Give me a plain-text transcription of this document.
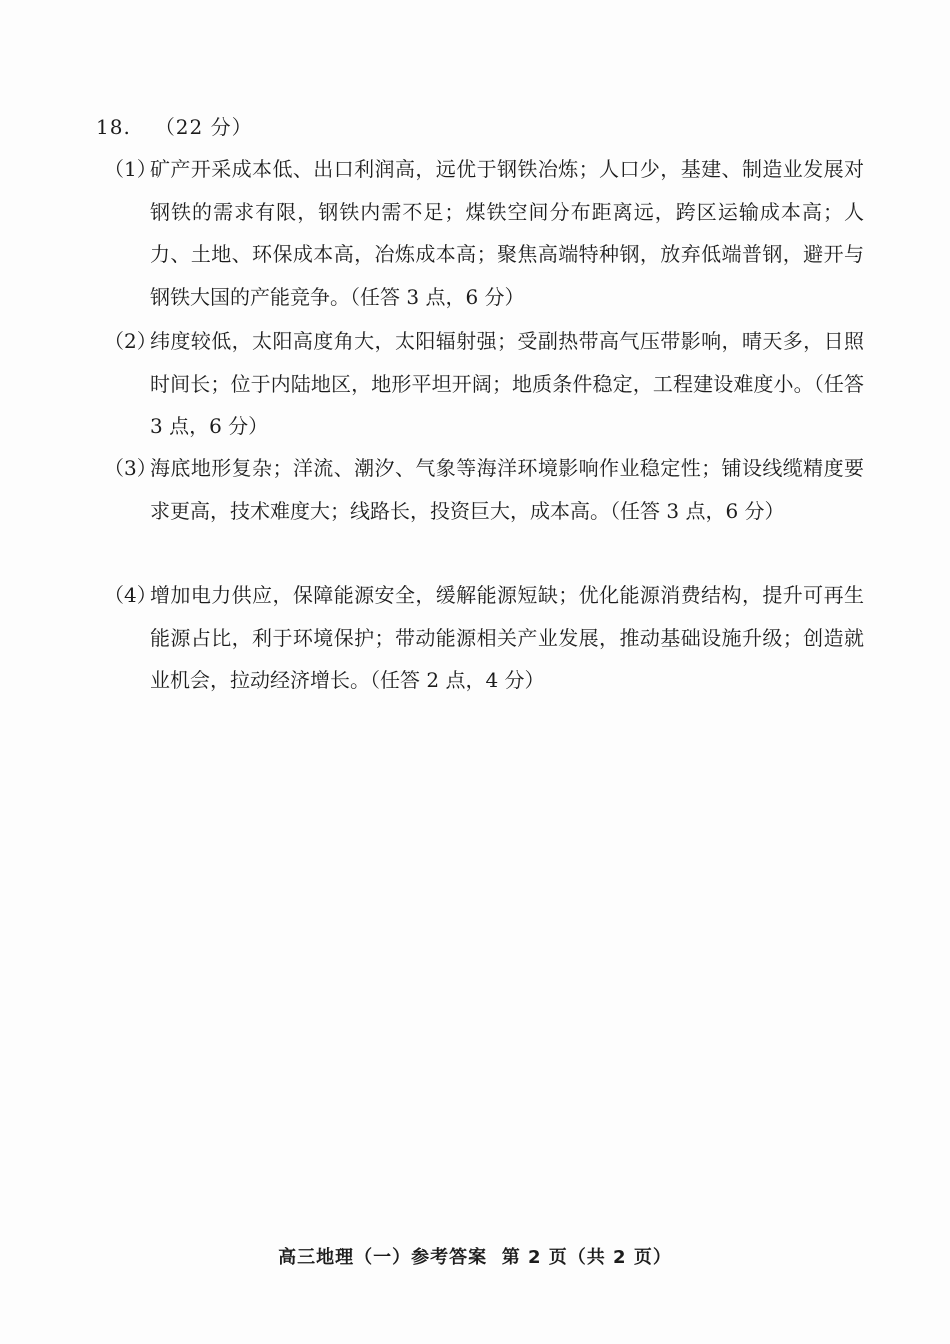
18. （22 分）
（1）
矿产开采成本低、出口利润高，远优于钢铁冶炼；人口少，基建、制造业发展对钢铁的需求有限，钢铁内需不足；煤铁空间分布距离远，跨区运输成本高；人力、土地、环保成本高，冶炼成本高；聚焦高端特种钢，放弃低端普钢，避开与钢铁大国的产能竞争。（任答 3 点，6 分）
（2）
纬度较低，太阳高度角大，太阳辐射强；受副热带高气压带影响，晴天多，日照时间长；位于内陆地区，地形平坦开阔；地质条件稳定，工程建设难度小。（任答 3 点，6 分）
（3）
海底地形复杂；洋流、潮汐、气象等海洋环境影响作业稳定性；铺设线缆精度要求更高，技术难度大；线路长，投资巨大，成本高。（任答 3 点，6 分）
（4）
增加电力供应，保障能源安全，缓解能源短缺；优化能源消费结构，提升可再生能源占比，利于环境保护；带动能源相关产业发展，推动基础设施升级；创造就业机会，拉动经济增长。（任答 2 点，4 分）
高三地理（一）参考答案  第 2 页（共 2 页）
